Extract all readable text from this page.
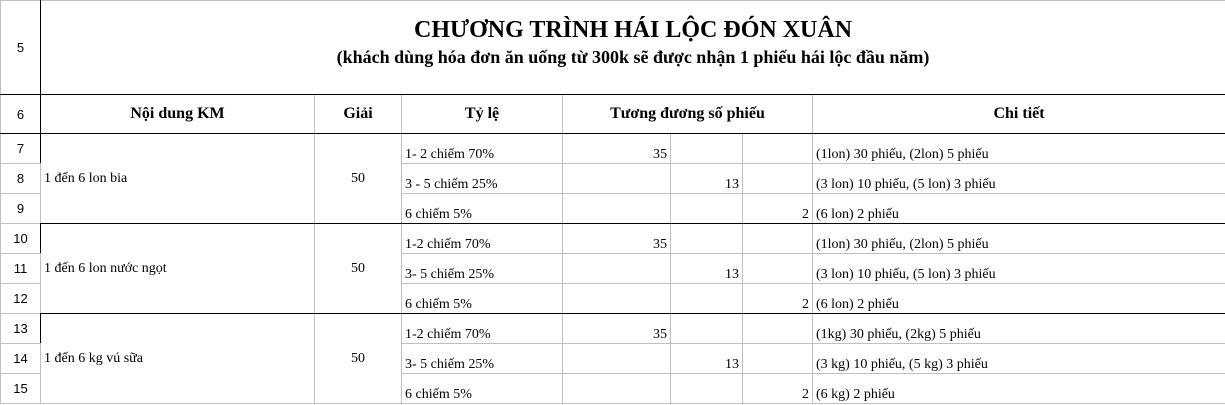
5	CHƯƠNG TRÌNH HÁI LỘC ĐÓN XUÂN
(khách dùng hóa đơn ăn uống từ 300k sẽ được nhận 1 phiếu hái lộc đầu năm)						

6	Nội dung KM	Giải	Tỷ lệ	Tương đương số phiếu			Chi tiết
7	1 đến 6 lon bia	50	1- 2 chiếm 70%	35			(1lon) 30 phiếu, (2lon) 5 phiếu
8			3 - 5 chiếm 25%		13		(3 lon) 10 phiếu, (5 lon) 3 phiếu
9			6 chiếm 5%			2	(6 lon) 2 phiếu
10	1 đến 6 lon nước ngọt	50	1-2 chiếm 70%	35			(1lon) 30 phiếu, (2lon) 5 phiếu
11			3- 5 chiếm 25%		13		(3 lon) 10 phiếu, (5 lon) 3 phiếu
12			6 chiếm 5%			2	(6 lon) 2 phiếu
13	1 đến 6 kg vú sữa	50	1-2 chiếm 70%	35			(1kg) 30 phiếu, (2kg) 5 phiếu
14			3- 5 chiếm 25%		13		(3 kg) 10 phiếu, (5 kg) 3 phiếu
15			6 chiếm 5%			2	(6 kg) 2 phiếu
